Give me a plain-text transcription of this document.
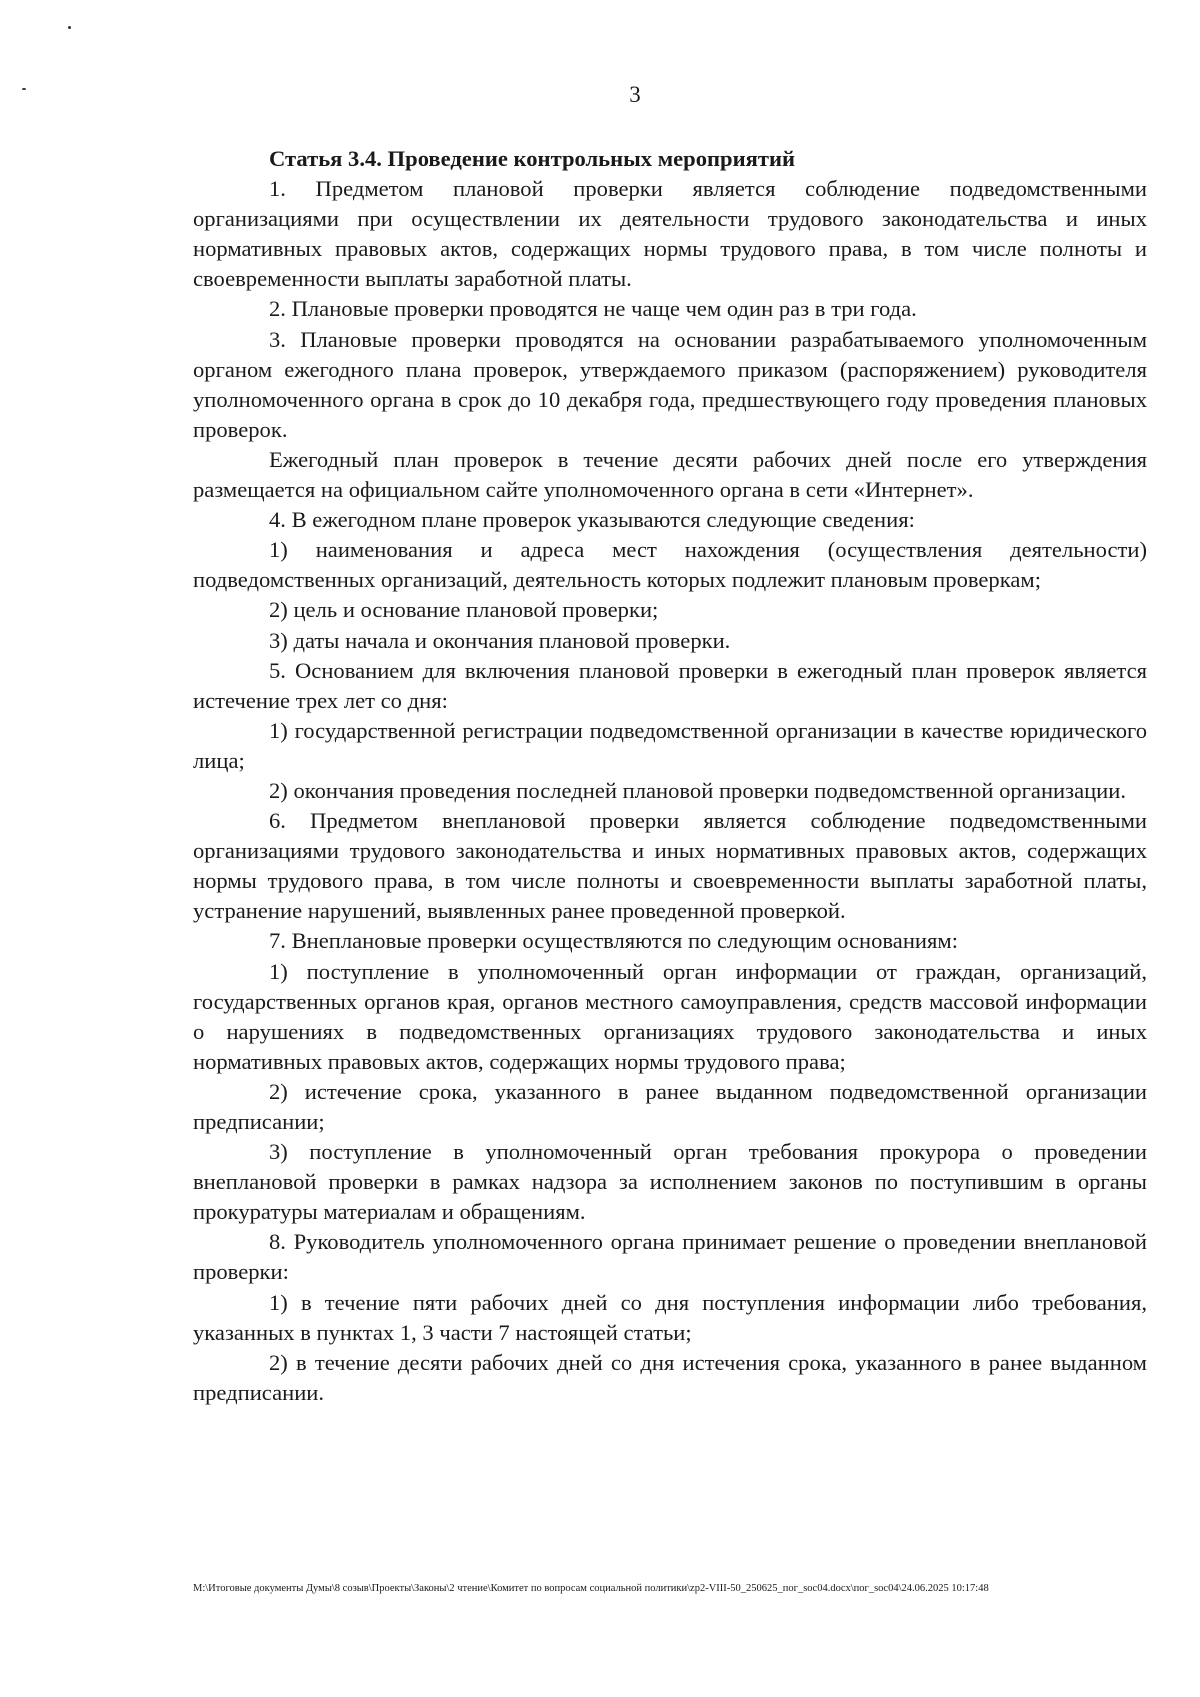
3

Статья 3.4. Проведение контрольных мероприятий

1. Предметом плановой проверки является соблюдение подведомственными организациями при осуществлении их деятельности трудового законодательства и иных нормативных правовых актов, содержащих нормы трудового права, в том числе полноты и своевременности выплаты заработной платы.

2. Плановые проверки проводятся не чаще чем один раз в три года.

3. Плановые проверки проводятся на основании разрабатываемого уполномоченным органом ежегодного плана проверок, утверждаемого приказом (распоряжением) руководителя уполномоченного органа в срок до 10 декабря года, предшествующего году проведения плановых проверок.

Ежегодный план проверок в течение десяти рабочих дней после его утверждения размещается на официальном сайте уполномоченного органа в сети «Интернет».

4. В ежегодном плане проверок указываются следующие сведения:

1) наименования и адреса мест нахождения (осуществления деятельности) подведомственных организаций, деятельность которых подлежит плановым проверкам;

2) цель и основание плановой проверки;

3) даты начала и окончания плановой проверки.

5. Основанием для включения плановой проверки в ежегодный план проверок является истечение трех лет со дня:

1) государственной регистрации подведомственной организации в качестве юридического лица;

2) окончания проведения последней плановой проверки подведомственной организации.

6. Предметом внеплановой проверки является соблюдение подведомственными организациями трудового законодательства и иных нормативных правовых актов, содержащих нормы трудового права, в том числе полноты и своевременности выплаты заработной платы, устранение нарушений, выявленных ранее проведенной проверкой.

7. Внеплановые проверки осуществляются по следующим основаниям:

1) поступление в уполномоченный орган информации от граждан, организаций, государственных органов края, органов местного самоуправления, средств массовой информации о нарушениях в подведомственных организациях трудового законодательства и иных нормативных правовых актов, содержащих нормы трудового права;

2) истечение срока, указанного в ранее выданном подведомственной организации предписании;

3) поступление в уполномоченный орган требования прокурора о проведении внеплановой проверки в рамках надзора за исполнением законов по поступившим в органы прокуратуры материалам и обращениям.

8. Руководитель уполномоченного органа принимает решение о проведении внеплановой проверки:

1) в течение пяти рабочих дней со дня поступления информации либо требования, указанных в пунктах 1, 3 части 7 настоящей статьи;

2) в течение десяти рабочих дней со дня истечения срока, указанного в ранее выданном предписании.

М:\Итоговые документы Думы\8 созыв\Проекты\Законы\2 чтение\Комитет по вопросам социальной политики\zp2-VIII-50_250625_пог_soc04.docx\пог_soc04\24.06.2025 10:17:48
